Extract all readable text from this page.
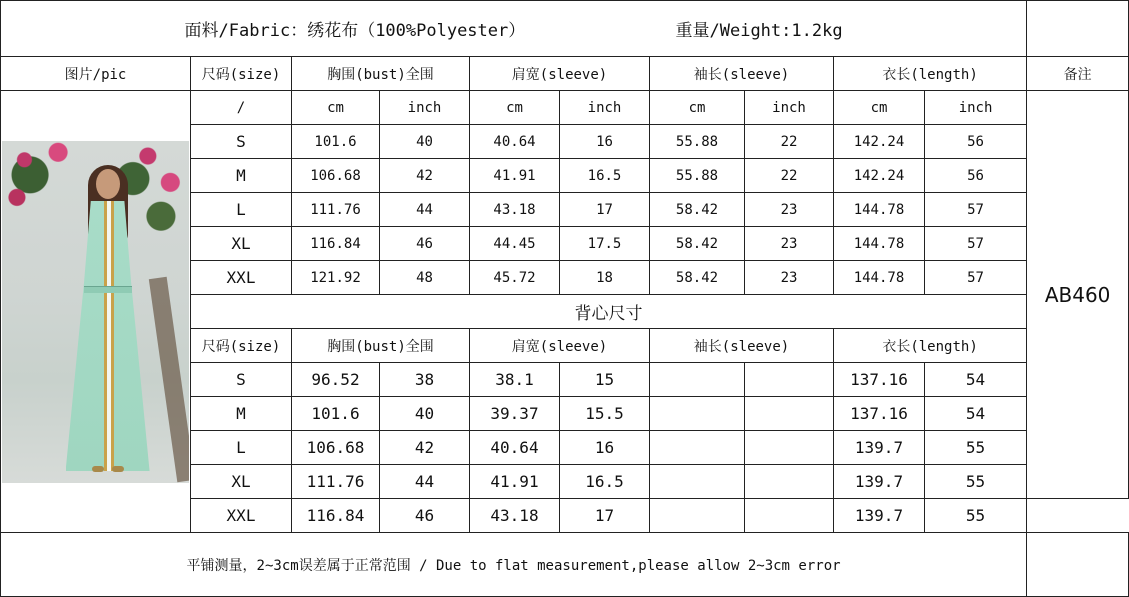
面料/Fabric：绣花布（100%Polyester） 重量/Weight:1.2kg										
图片/pic	尺码(size)	胸围(bust)全围		肩宽(sleeve)		袖长(sleeve)		衣长(length)		备注

	/	cm	inch	cm	inch	cm	inch	cm	inch	AB460
	S	101.6	40	40.64	16	55.88	22	142.24	56	
	M	106.68	42	41.91	16.5	55.88	22	142.24	56	
	L	111.76	44	43.18	17	58.42	23	144.78	57	
	XL	116.84	46	44.45	17.5	58.42	23	144.78	57	
	XXL	121.92	48	45.72	18	58.42	23	144.78	57	
	背心尺寸									
	尺码(size)	胸围(bust)全围		肩宽(sleeve)		袖长(sleeve)		衣长(length)		
	S	96.52	38	38.1	15			137.16	54	
	M	101.6	40	39.37	15.5			137.16	54	
	L	106.68	42	40.64	16			139.7	55	
	XL	111.76	44	41.91	16.5			139.7	55	
	XXL	116.84	46	43.18	17			139.7	55	
平铺测量，2~3cm误差属于正常范围 / Due to flat measurement,please allow 2~3cm error										
